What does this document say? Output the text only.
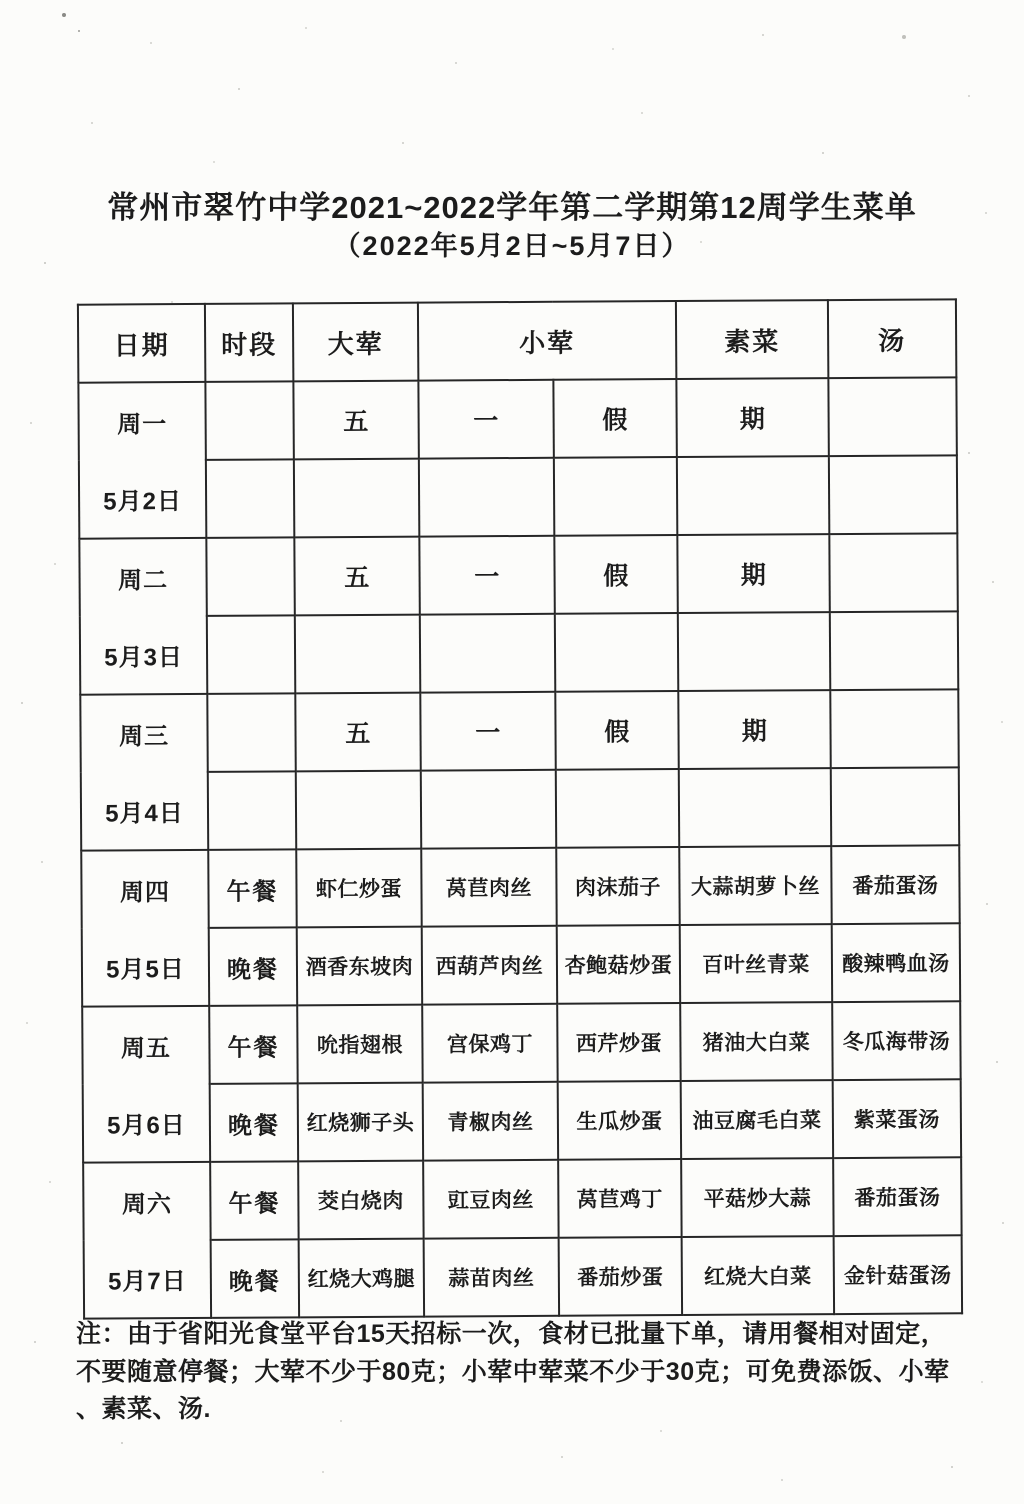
常州市翠竹中学2021~2022学年第二学期第12周学生菜单
（2022年5月2日~5月7日）
日期	时段	大荤	小荤		素菜	汤

周一
5月2日		五	一	假	期	

周二
5月3日		五	一	假	期	

周三
5月4日		五	一	假	期	

周四
5月5日	午餐	虾仁炒蛋	莴苣肉丝	肉沫茄子	大蒜胡萝卜丝	番茄蛋汤
	晚餐	酒香东坡肉	西葫芦肉丝	杏鲍菇炒蛋	百叶丝青菜	酸辣鸭血汤

周五
5月6日	午餐	吮指翅根	宫保鸡丁	西芹炒蛋	猪油大白菜	冬瓜海带汤
	晚餐	红烧狮子头	青椒肉丝	生瓜炒蛋	油豆腐毛白菜	紫菜蛋汤

周六
5月7日	午餐	茭白烧肉	豇豆肉丝	莴苣鸡丁	平菇炒大蒜	番茄蛋汤
	晚餐	红烧大鸡腿	蒜苗肉丝	番茄炒蛋	红烧大白菜	金针菇蛋汤
注：由于省阳光食堂平台15天招标一次，食材已批量下单，请用餐相对固定，
不要随意停餐；大荤不少于80克；小荤中荤菜不少于30克；可免费添饭、小荤
、素菜、汤.
